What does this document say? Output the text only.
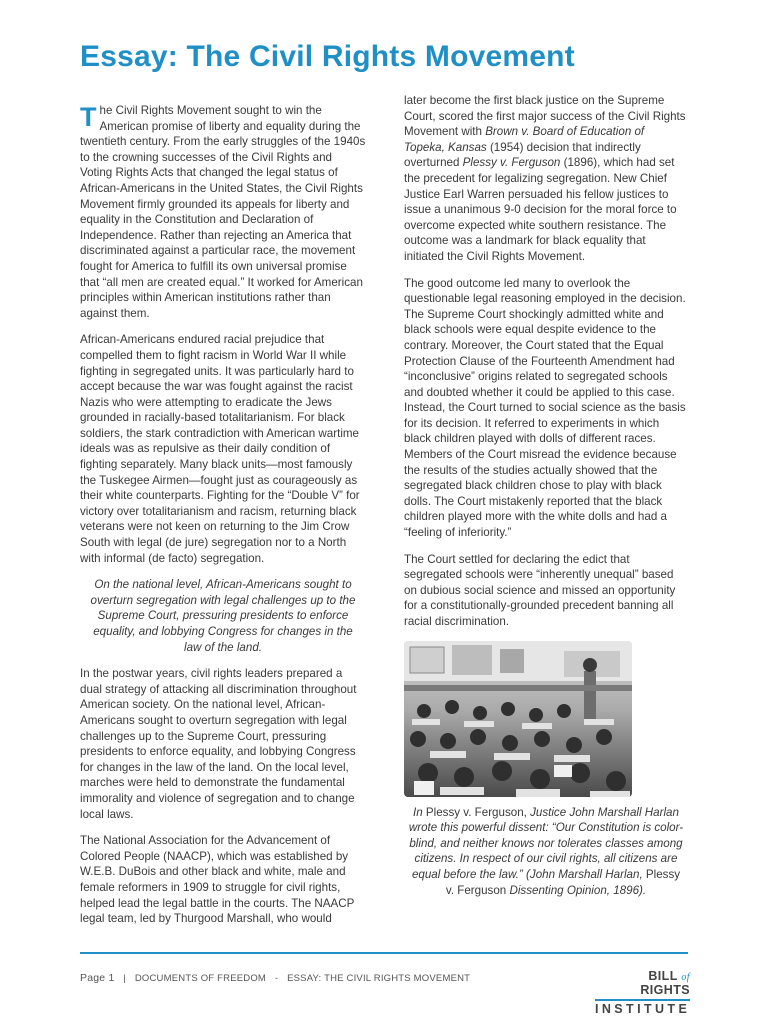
Essay: The Civil Rights Movement

The Civil Rights Movement sought to win the American promise of liberty and equality during the twentieth century. From the early struggles of the 1940s to the crowning successes of the Civil Rights and Voting Rights Acts that changed the legal status of African-Americans in the United States, the Civil Rights Movement firmly grounded its appeals for liberty and equality in the Constitution and Declaration of Independence. Rather than rejecting an America that discriminated against a particular race, the movement fought for America to fulfill its own universal promise that “all men are created equal.” It worked for American principles within American institutions rather than against them.

African-Americans endured racial prejudice that compelled them to fight racism in World War II while fighting in segregated units. It was particularly hard to accept because the war was fought against the racist Nazis who were attempting to eradicate the Jews grounded in racially-based totalitarianism. For black soldiers, the stark contradiction with American wartime ideals was as repulsive as their daily condition of fighting separately. Many black units—most famously the Tuskegee Airmen—fought just as courageously as their white counterparts. Fighting for the “Double V” for victory over totalitarianism and racism, returning black veterans were not keen on returning to the Jim Crow South with legal (de jure) segregation nor to a North with informal (de facto) segregation.

On the national level, African-Americans sought to overturn segregation with legal challenges up to the Supreme Court, pressuring presidents to enforce equality, and lobbying Congress for changes in the law of the land.

In the postwar years, civil rights leaders prepared a dual strategy of attacking all discrimination throughout American society. On the national level, African-Americans sought to overturn segregation with legal challenges up to the Supreme Court, pressuring presidents to enforce equality, and lobbying Congress for changes in the law of the land. On the local level, marches were held to demonstrate the fundamental immorality and violence of segregation and to change local laws.

The National Association for the Advancement of Colored People (NAACP), which was established by W.E.B. DuBois and other black and white, male and female reformers in 1909 to struggle for civil rights, helped lead the legal battle in the courts. The NAACP legal team, led by Thurgood Marshall, who would

later become the first black justice on the Supreme Court, scored the first major success of the Civil Rights Movement with Brown v. Board of Education of Topeka, Kansas (1954) decision that indirectly overturned Plessy v. Ferguson (1896), which had set the precedent for legalizing segregation. New Chief Justice Earl Warren persuaded his fellow justices to issue a unanimous 9-0 decision for the moral force to overcome expected white southern resistance. The outcome was a landmark for black equality that initiated the Civil Rights Movement.

The good outcome led many to overlook the questionable legal reasoning employed in the decision. The Supreme Court shockingly admitted white and black schools were equal despite evidence to the contrary. Moreover, the Court stated that the Equal Protection Clause of the Fourteenth Amendment had “inconclusive” origins related to segregated schools and doubted whether it could be applied to this case. Instead, the Court turned to social science as the basis for its decision. It referred to experiments in which black children played with dolls of different races. Members of the Court misread the evidence because the results of the studies actually showed that the segregated black children chose to play with black dolls. The Court mistakenly reported that the black children played more with the white dolls and had a “feeling of inferiority.”

The Court settled for declaring the edict that segregated schools were “inherently unequal” based on dubious social science and missed an opportunity for a constitutionally-grounded precedent banning all racial discrimination.

In Plessy v. Ferguson, Justice John Marshall Harlan wrote this powerful dissent: “Our Constitution is color-blind, and neither knows nor tolerates classes among citizens. In respect of our civil rights, all citizens are equal before the law.” (John Marshall Harlan, Plessy v. Ferguson Dissenting Opinion, 1896).

Page 1 | DOCUMENTS OF FREEDOM - ESSAY: THE CIVIL RIGHTS MOVEMENT	BILL of RIGHTS
INSTITUTE
